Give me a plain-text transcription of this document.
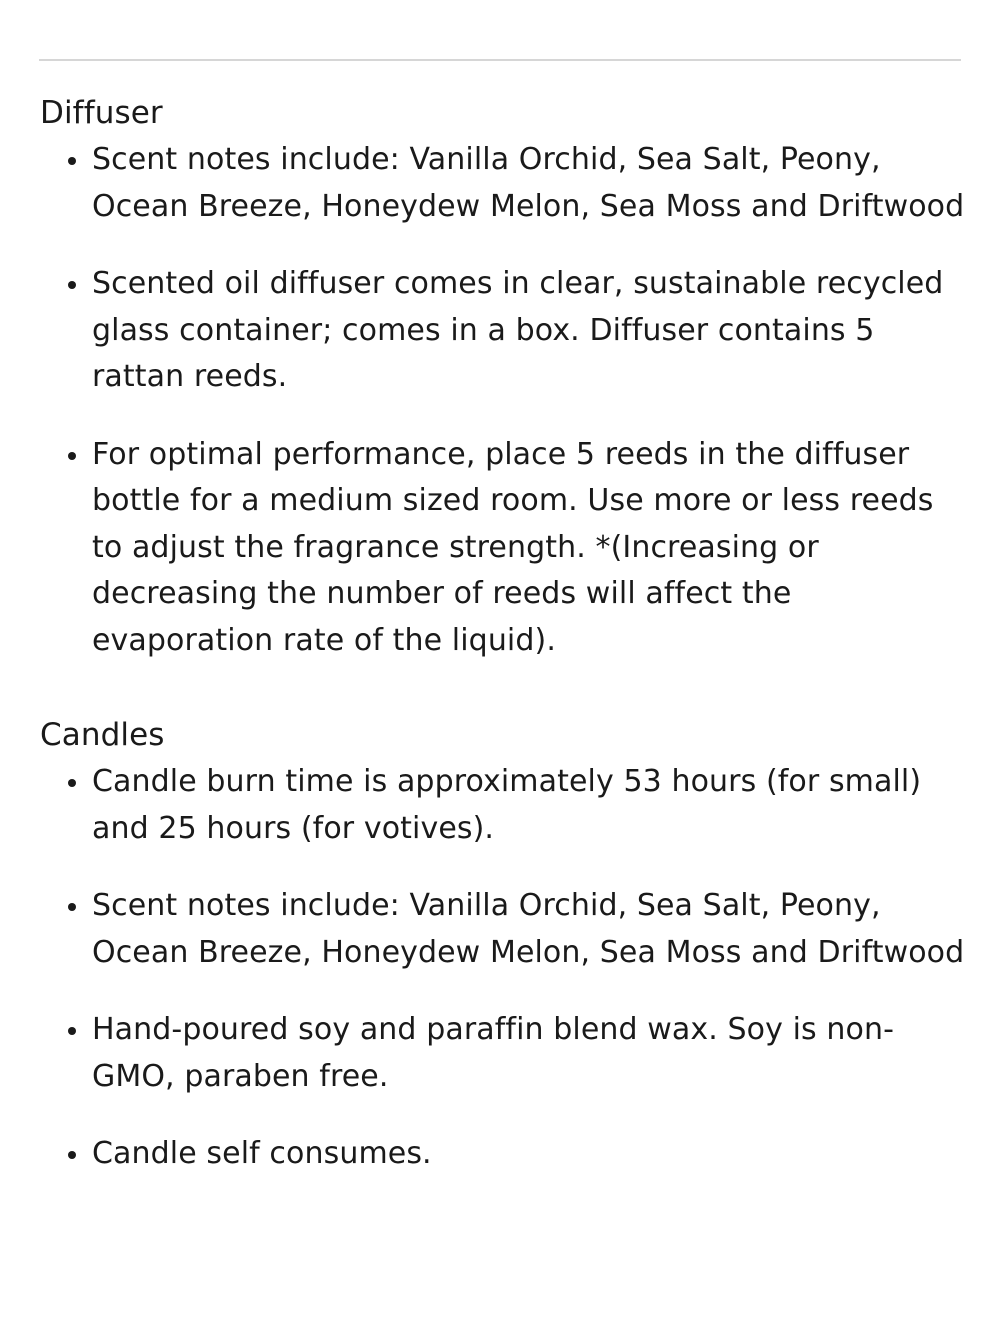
Diffuser
Scent notes include: Vanilla Orchid, Sea Salt, Peony, Ocean Breeze, Honeydew Melon, Sea Moss and Driftwood
Scented oil diffuser comes in clear, sustainable recycled glass container; comes in a box. Diffuser contains 5 rattan reeds.
For optimal performance, place 5 reeds in the diffuser bottle for a medium sized room. Use more or less reeds to adjust the fragrance strength. *(Increasing or decreasing the number of reeds will affect the evaporation rate of the liquid).
Candles
Candle burn time is approximately 53 hours (for small) and 25 hours (for votives).
Scent notes include: Vanilla Orchid, Sea Salt, Peony, Ocean Breeze, Honeydew Melon, Sea Moss and Driftwood
Hand-poured soy and paraffin blend wax. Soy is non-GMO, paraben free.
Candle self consumes.
